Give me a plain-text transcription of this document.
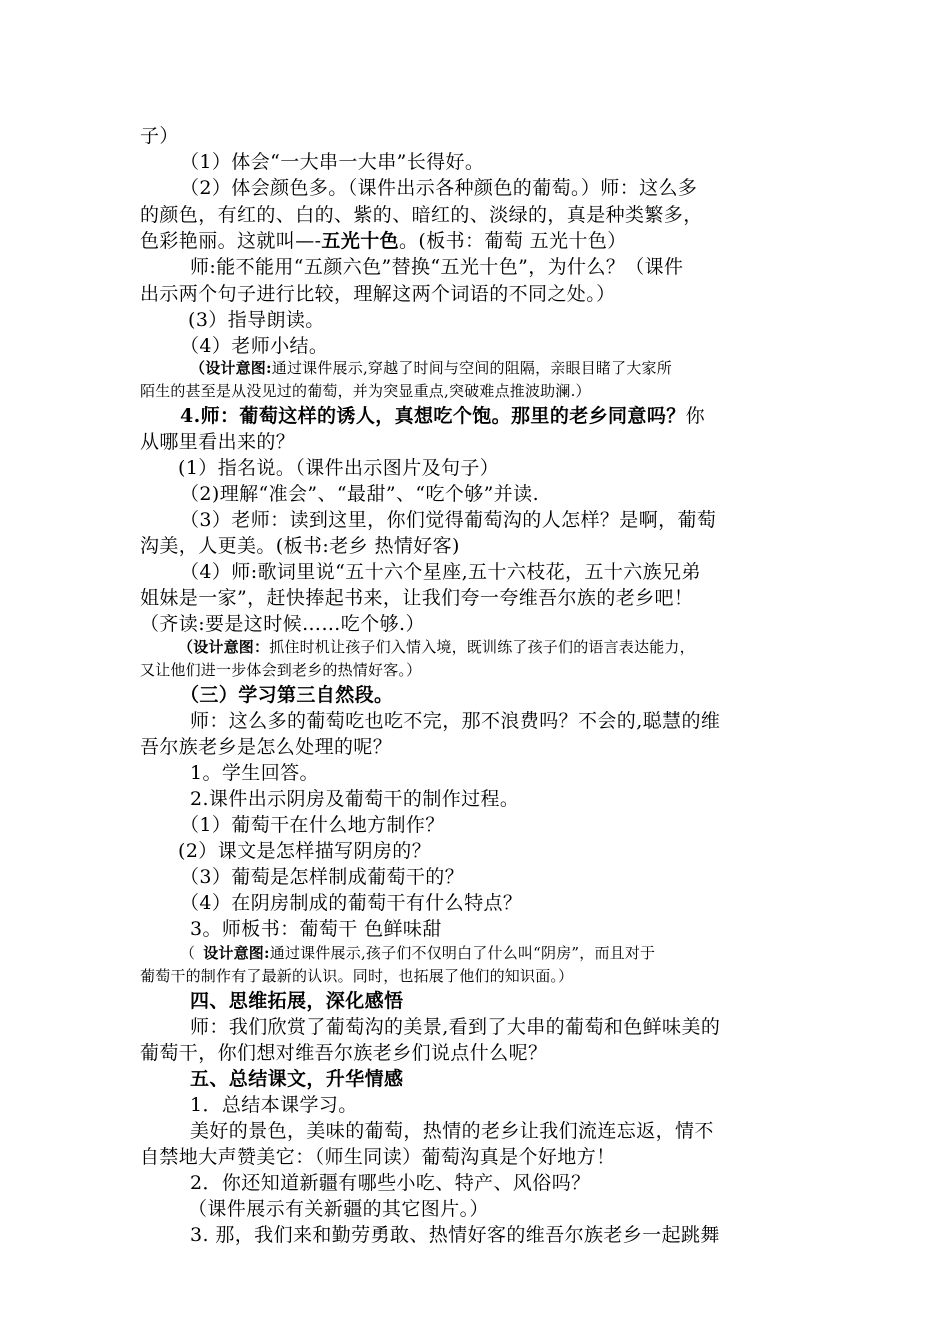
子）
（1）体会“一大串一大串”长得好。
（2）体会颜色多。（课件出示各种颜色的葡萄。）师：这么多
的颜色，有红的、白的、紫的、暗红的、淡绿的，真是种类繁多，
色彩艳丽。这就叫—-五光十色。(板书：葡萄 五光十色）
师:能不能用“五颜六色”替换“五光十色”，为什么？（课件
出示两个句子进行比较，理解这两个词语的不同之处。）
(3）指导朗读。
（4）老师小结。
（设计意图:通过课件展示,穿越了时间与空间的阻隔，亲眼目睹了大家所
陌生的甚至是从没见过的葡萄，并为突显重点,突破难点推波助澜.）
4.师：葡萄这样的诱人，真想吃个饱。那里的老乡同意吗？你
从哪里看出来的？
(1）指名说。（课件出示图片及句子）
（2)理解“准会”、“最甜”、“吃个够”并读.
（3）老师：读到这里，你们觉得葡萄沟的人怎样？是啊，葡萄
沟美，人更美。(板书:老乡 热情好客)
（4）师:歌词里说“五十六个星座,五十六枝花，五十六族兄弟
姐妹是一家”，赶快捧起书来，让我们夸一夸维吾尔族的老乡吧！
（齐读:要是这时候……吃个够.）
（设计意图：抓住时机让孩子们入情入境，既训练了孩子们的语言表达能力，
又让他们进一步体会到老乡的热情好客。）
（三）学习第三自然段。
师：这么多的葡萄吃也吃不完，那不浪费吗？不会的,聪慧的维
吾尔族老乡是怎么处理的呢？
1。学生回答。
2.课件出示阴房及葡萄干的制作过程。
（1）葡萄干在什么地方制作？
(2）课文是怎样描写阴房的？
（3）葡萄是怎样制成葡萄干的？
（4）在阴房制成的葡萄干有什么特点？
3。师板书：葡萄干 色鲜味甜
（ 设计意图:通过课件展示,孩子们不仅明白了什么叫“阴房”，而且对于
葡萄干的制作有了最新的认识。同时，也拓展了他们的知识面。）
四、思维拓展，深化感悟
师：我们欣赏了葡萄沟的美景,看到了大串的葡萄和色鲜味美的
葡萄干，你们想对维吾尔族老乡们说点什么呢？
五、总结课文，升华情感
1．总结本课学习。
美好的景色，美味的葡萄，热情的老乡让我们流连忘返，情不
自禁地大声赞美它：（师生同读）葡萄沟真是个好地方！
2．你还知道新疆有哪些小吃、特产、风俗吗？
（课件展示有关新疆的其它图片。）
3. 那，我们来和勤劳勇敢、热情好客的维吾尔族老乡一起跳舞
